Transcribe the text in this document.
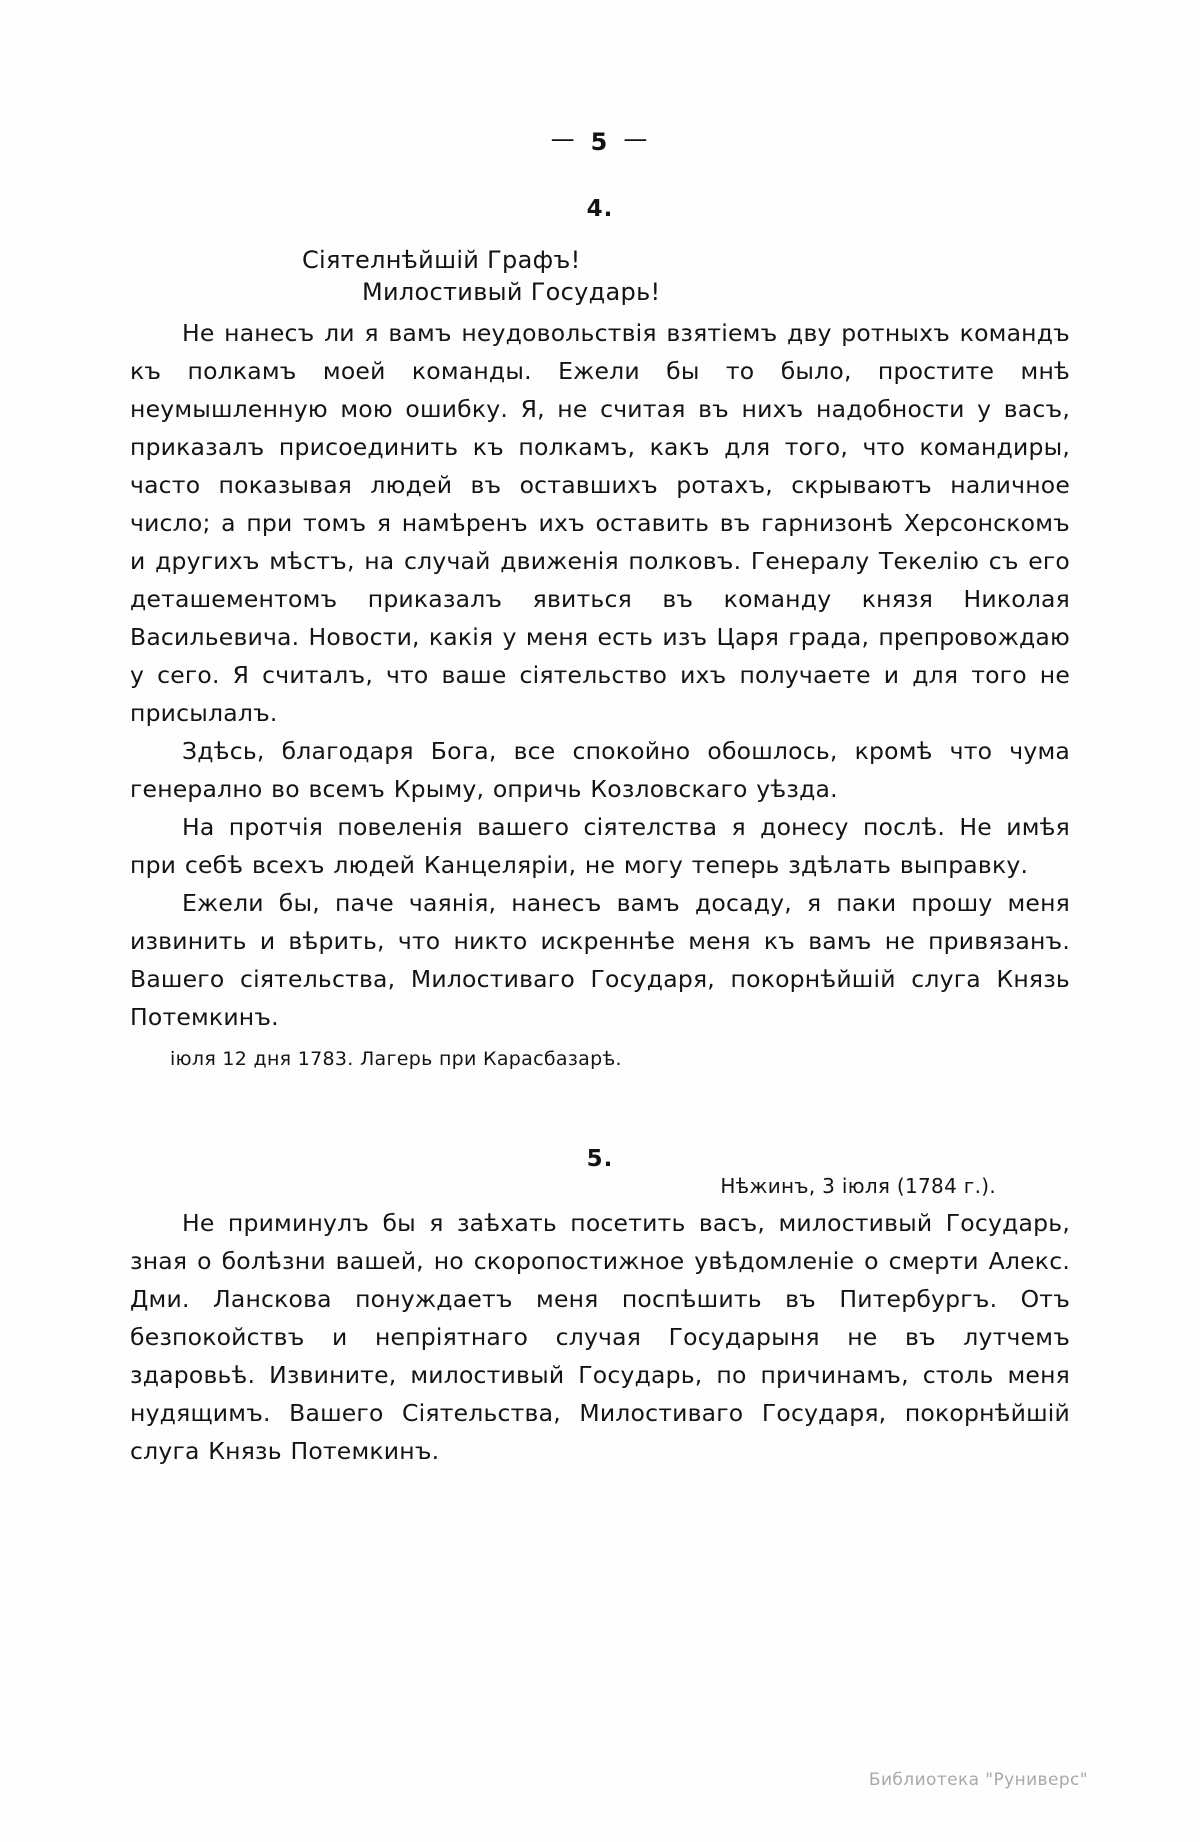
— 5 —
4.
Сіятелнѣйшій Графъ!
Милостивый Государь!

Не нанесъ ли я вамъ неудовольствія взятіемъ дву ротныхъ командъ къ полкамъ моей команды. Ежели бы то было, простите мнѣ неумышленную мою ошибку. Я, не считая въ нихъ надобности у васъ, приказалъ присоединить къ полкамъ, какъ для того, что командиры, часто показывая людей въ оставшихъ ротахъ, скрываютъ наличное число; а при томъ я намѣренъ ихъ оставить въ гарнизонѣ Херсонскомъ и другихъ мѣстъ, на случай движенія полковъ. Генералу Текелію съ его деташементомъ приказалъ явиться въ команду князя Николая Васильевича. Новости, какія у меня есть изъ Царя града, препровождаю у сего. Я считалъ, что ваше сіятельство ихъ получаете и для того не присылалъ.

Здѣсь, благодаря Бога, все спокойно обошлось, кромѣ что чума генерално во всемъ Крыму, опричь Козловскаго уѣзда.

На протчія повеленія вашего сіятелства я донесу послѣ. Не имѣя при себѣ всехъ людей Канцеляріи, не могу теперь здѣлать выправку.

Ежели бы, паче чаянія, нанесъ вамъ досаду, я паки прошу меня извинить и вѣрить, что никто искреннѣе меня къ вамъ не привязанъ. Вашего сіятельства, Милостиваго Государя, покорнѣйшій слуга Князь Потемкинъ.

іюля 12 дня 1783. Лагерь при Карасбазарѣ.
5.
Нѣжинъ, 3 іюля (1784 г.).

Не приминулъ бы я заѣхать посетить васъ, милостивый Государь, зная о болѣзни вашей, но скоропостижное увѣдомленіе о смерти Алекс. Дми. Ланскова понуждаетъ меня поспѣшить въ Питербургъ. Отъ безпокойствъ и непріятнаго случая Государыня не въ лутчемъ здаровьѣ. Извините, милостивый Государь, по причинамъ, столь меня нудящимъ. Вашего Сіятельства, Милостиваго Государя, покорнѣйшій слуга Князь Потемкинъ.

Библиотека "Руниверс"
